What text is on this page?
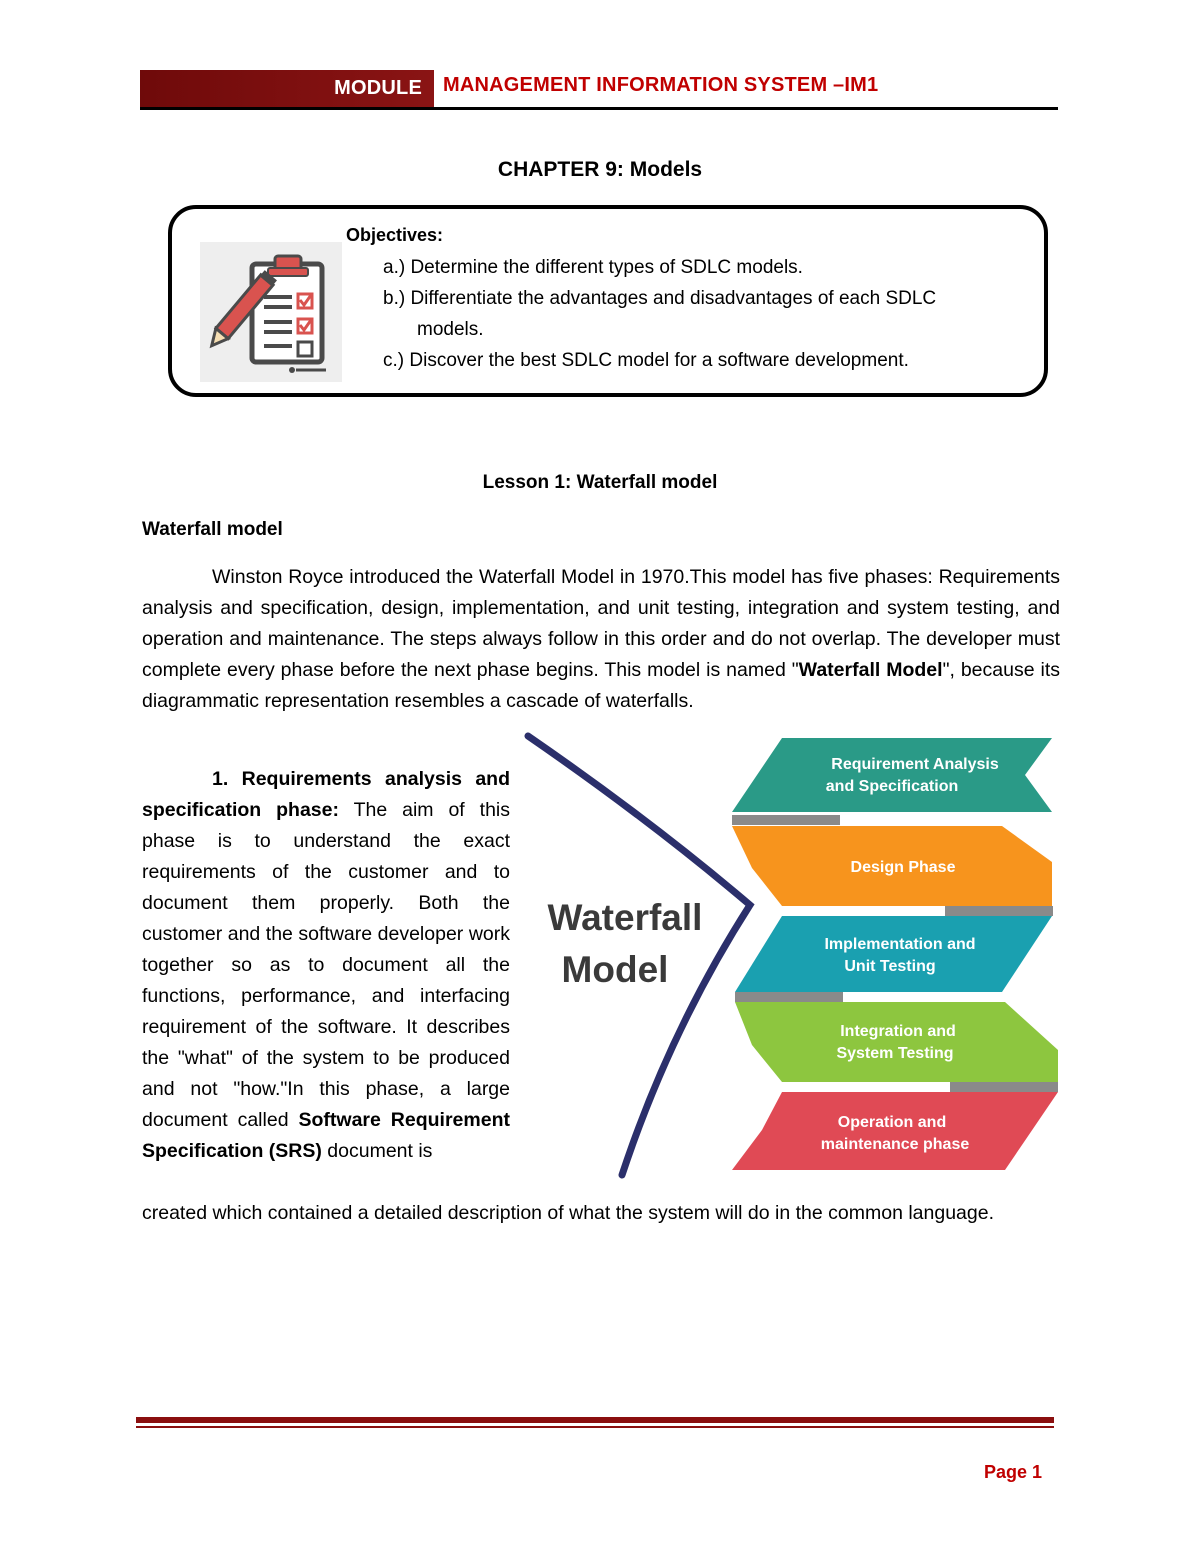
MODULE	MANAGEMENT INFORMATION SYSTEM –IM1
CHAPTER 9: Models
Objectives:
a.) Determine the different types of SDLC models.
b.) Differentiate the advantages and disadvantages of each SDLC
models.
c.) Discover the best SDLC model for a software development.
Lesson 1: Waterfall model
Waterfall model
Winston Royce introduced the Waterfall Model in 1970.This model has five phases: Requirements analysis and specification, design, implementation, and unit testing, integration and system testing, and operation and maintenance. The steps always follow in this order and do not overlap. The developer must complete every phase before the next phase begins. This model is named "Waterfall Model", because its diagrammatic representation resembles a cascade of waterfalls.
1. Requirements analysis and specification phase: The aim of this phase is to understand the exact requirements of the customer and to document them properly. Both the customer and the software developer work together so as to document all the functions, performance, and interfacing requirement of the software. It describes the "what" of the system to be produced and not "how."In this phase, a large document called Software Requirement Specification (SRS) document is
created which contained a detailed description of what the system will do in the common language.
Requirement Analysis
and Specification
Design Phase
Implementation and
Unit Testing
Integration and
System Testing
Operation and
maintenance phase
Waterfall
Model
Page 1
